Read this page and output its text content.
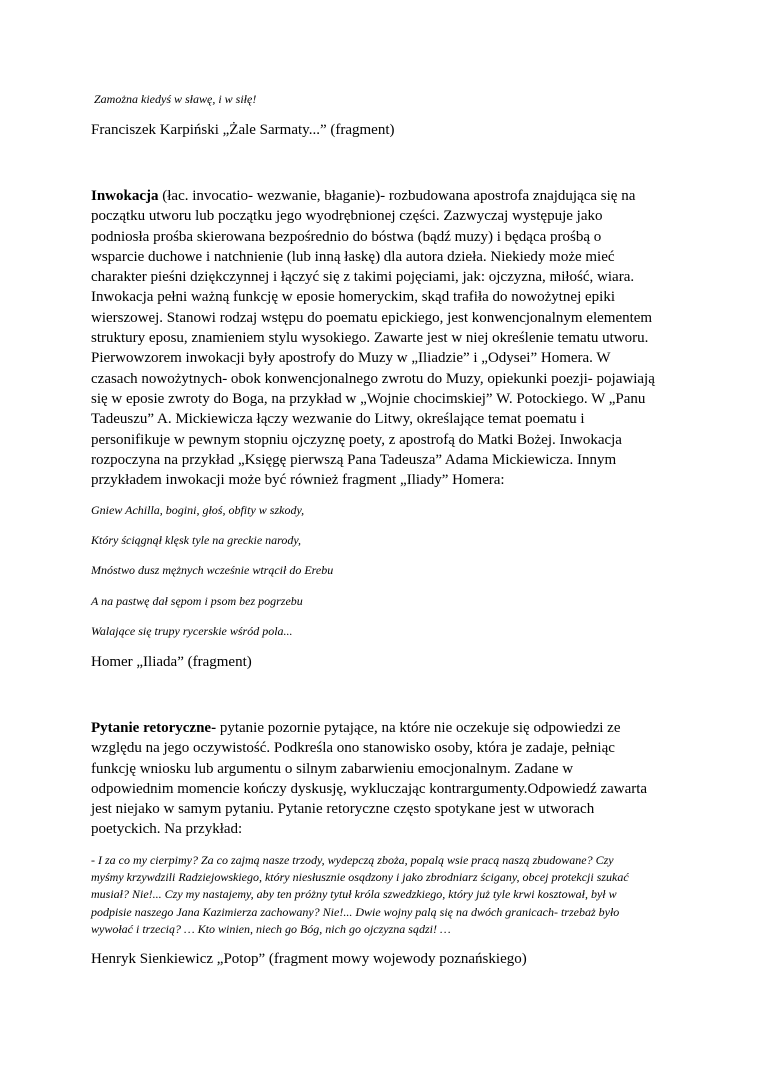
Zamożna kiedyś w sławę, i w siłę!

Franciszek Karpiński „Żale Sarmaty...” (fragment)

Inwokacja (łac. invocatio- wezwanie, błaganie)- rozbudowana apostrofa znajdująca się na
początku utworu lub początku jego wyodrębnionej części. Zazwyczaj występuje jako
podniosła prośba skierowana bezpośrednio do bóstwa (bądź muzy) i będąca prośbą o
wsparcie duchowe i natchnienie (lub inną łaskę) dla autora dzieła. Niekiedy może mieć
charakter pieśni dziękczynnej i łączyć się z takimi pojęciami, jak: ojczyzna, miłość, wiara.
Inwokacja pełni ważną funkcję w eposie homeryckim, skąd trafiła do nowożytnej epiki
wierszowej. Stanowi rodzaj wstępu do poematu epickiego, jest konwencjonalnym elementem
struktury eposu, znamieniem stylu wysokiego. Zawarte jest w niej określenie tematu utworu.
Pierwowzorem inwokacji były apostrofy do Muzy w „Iliadzie” i „Odysei” Homera. W
czasach nowożytnych- obok konwencjonalnego zwrotu do Muzy, opiekunki poezji- pojawiają
się w eposie zwroty do Boga, na przykład w „Wojnie chocimskiej” W. Potockiego. W „Panu
Tadeuszu” A. Mickiewicza łączy wezwanie do Litwy, określające temat poematu i
personifikuje w pewnym stopniu ojczyznę poety, z apostrofą do Matki Bożej. Inwokacja
rozpoczyna na przykład „Księgę pierwszą Pana Tadeusza” Adama Mickiewicza. Innym
przykładem inwokacji może być również fragment „Iliady” Homera:

Gniew Achilla, bogini, głoś, obfity w szkody,

Który ściągnął klęsk tyle na greckie narody,

Mnóstwo dusz mężnych wcześnie wtrącił do Erebu

A na pastwę dał sępom i psom bez pogrzebu

Walające się trupy rycerskie wśród pola...

Homer „Iliada” (fragment)

Pytanie retoryczne- pytanie pozornie pytające, na które nie oczekuje się odpowiedzi ze
względu na jego oczywistość. Podkreśla ono stanowisko osoby, która je zadaje, pełniąc
funkcję wniosku lub argumentu o silnym zabarwieniu emocjonalnym. Zadane w
odpowiednim momencie kończy dyskusję, wykluczając kontrargumenty.Odpowiedź zawarta
jest niejako w samym pytaniu. Pytanie retoryczne często spotykane jest w utworach
poetyckich. Na przykład:
- I za co my cierpimy? Za co zajmą nasze trzody, wydepczą zboża, popalą wsie pracą naszą zbudowane? Czy
myśmy krzywdzili Radziejowskiego, który niesłusznie osądzony i jako zbrodniarz ścigany, obcej protekcji szukać
musiał? Nie!... Czy my nastajemy, aby ten próżny tytuł króla szwedzkiego, który już tyle krwi kosztował, był w
podpisie naszego Jana Kazimierza zachowany? Nie!... Dwie wojny palą się na dwóch granicach- trzebaż było
wywołać i trzecią? … Kto winien, niech go Bóg, nich go ojczyzna sądzi! …

Henryk Sienkiewicz „Potop” (fragment mowy wojewody poznańskiego)
